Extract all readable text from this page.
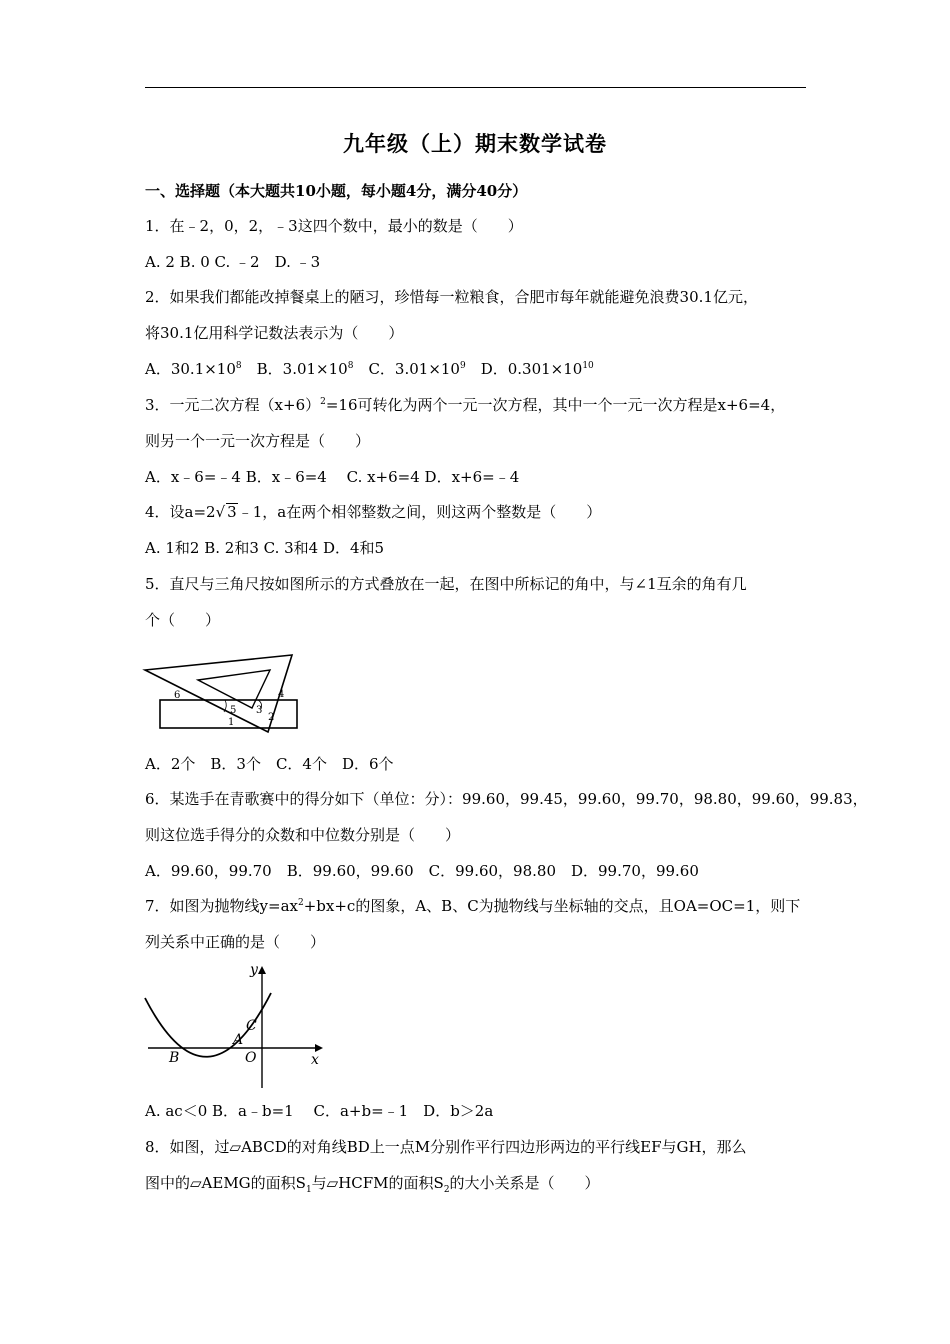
九年级（上）期末数学试卷
一、选择题（本大题共10小题，每小题4分，满分40分）
1．在﹣2，0，2，﹣3这四个数中，最小的数是（　　）
A. 2 B. 0 C. ﹣2　D. ﹣3
2．如果我们都能改掉餐桌上的陋习，珍惜每一粒粮食，合肥市每年就能避免浪费30.1亿元，
将30.1亿用科学记数法表示为（　　）
A．$30.1\times 10^8$　B．$3.01\times 10^8$　C．$3.01\times 10^9$　D．$0.301\times 10^{10}$
3．一元二次方程$(x+6)^2=16$可转化为两个一元一次方程，其中一个一元一次方程是x+6=4，
则另一个一元一次方程是（　　）
A．x﹣6=﹣4 B．x﹣6=4　 C. x+6=4 D．x+6=﹣4
4．设a=2√ 3﹣1，a在两个相邻整数之间，则这两个整数是（　　）
A. 1和2 B. 2和3 C. 3和4 D．4和5
5．直尺与三角尺按如图所示的方式叠放在一起，在图中所标记的角中，与∠1互余的角有几
个（　　）
6
5 3
4
2
1
A．2个　B．3个　C．4个　D．6个
6．某选手在青歌赛中的得分如下（单位：分）：99.60，99.45，99.60，99.70，98.80，99.60，99.83，
则这位选手得分的众数和中位数分别是（　　）
A．99.60，99.70　B．99.60，99.60　C．99.60，98.80　D．99.70，99.60
7．如图为抛物线$y=ax^2+bx+c$的图象，A、B、C为抛物线与坐标轴的交点，且OA=OC=1，则下
列关系中正确的是（　　）
y
x
C
A
B	O
A. ac＜0 B．a﹣b=1　 C．a+b=﹣1　D．b＞2a
8．如图，过▱ABCD的对角线BD上一点M分别作平行四边形两边的平行线EF与GH，那么
图中的▱AEMG的面积$S_1$与▱HCFM的面积$S_2$的大小关系是（　　）
